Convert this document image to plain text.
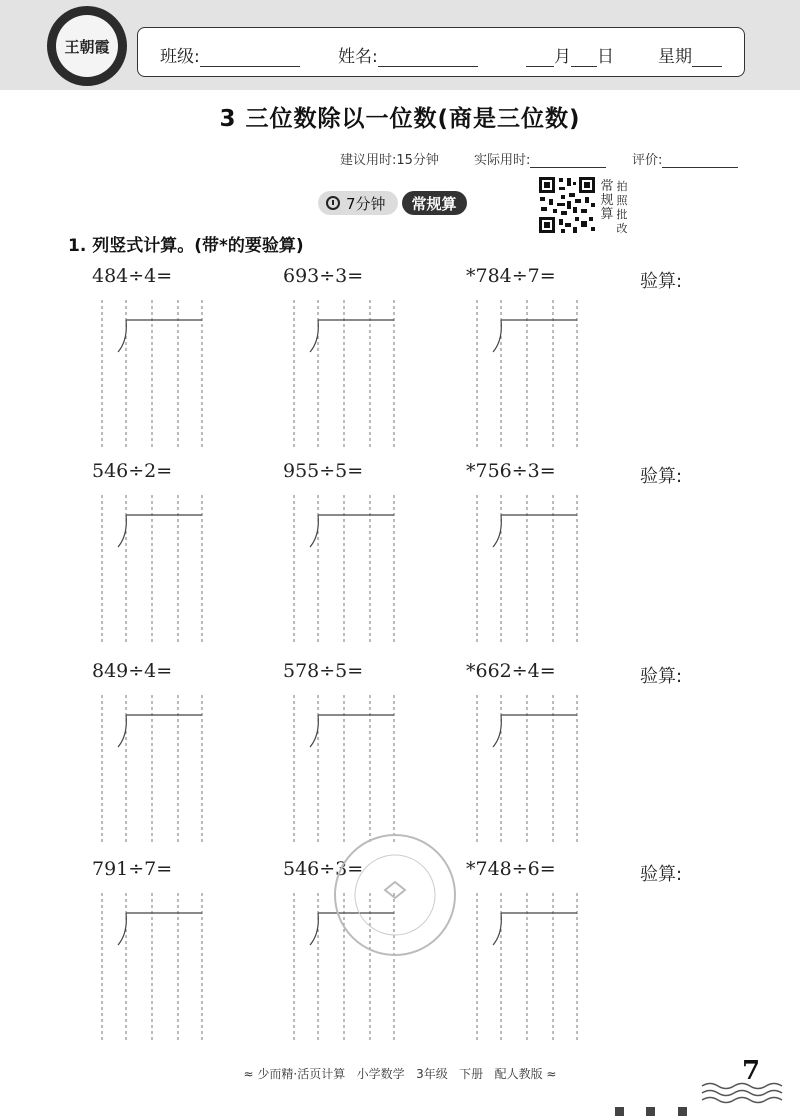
王朝霞
班级:	姓名:	月 日	星期
3 三位数除以一位数(商是三位数)
建议用时:15分钟	实际用时:	评价:
7分钟	常规算
常规算
拍照批改
1. 列竖式计算。(带*的要验算)
484÷4=	693÷3=	*784÷7=	验算:
546÷2=	955÷5=	*756÷3=	验算:
849÷4=	578÷5=	*662÷4=	验算:
791÷7=	546÷3=	*748÷6=	验算:
≈ 少而精·活页计算   小学数学   3年级   下册   配人教版 ≈	7
